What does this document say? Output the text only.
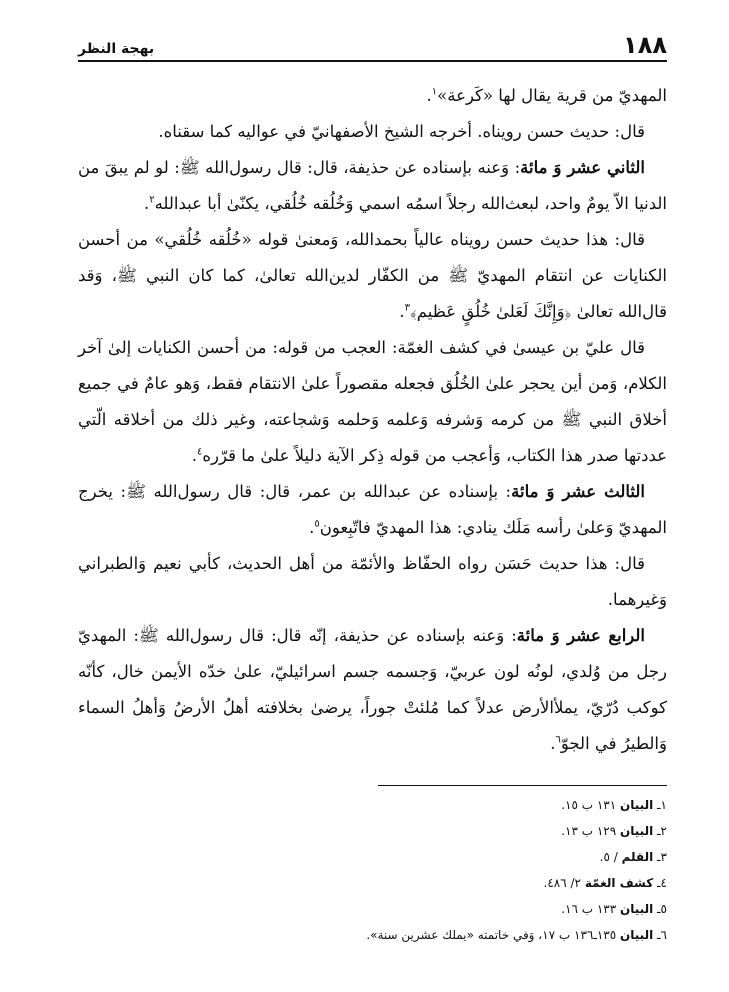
١٨٨
بهجة النظر

المهديّ من قرية يقال لها «كَرعة»$^١$.

قال: حديث حسن رويناه. أخرجه الشيخ الأصفهانيّ في عواليه كما سقناه.

الثاني عشر وَ مائة: وَعنه بإسناده عن حذيفة، قال: قال رسول‌الله ﷺ: لو لم يبقَ من الدنيا الاّ يومٌ واحد، لبعث‌الله رجلاً اسمُه اسمي وَخُلُقه خُلُقي، يكنّىٰ أبا عبدالله$^٢$.

قال: هذا حديث حسن رويناه عالياً بحمدالله، وَمعنىٰ قوله «خُلُقه خُلُقي» من أحسن الكنايات عن انتقام المهديّ ﷺ من الكفّار لدين‌الله تعالىٰ، كما كان النبي ﷺ، وَقد قال‌الله تعالىٰ ﴿وَإِنَّكَ لَعَلىٰ خُلُقٍ عَظيم﴾$^٣$.

قال عليّ بن عيسىٰ في كشف الغمّة: العجب من قوله: من أحسن الكنايات إلىٰ آخر الكلام، وَمن أين يحجر علىٰ الخُلُق فجعله مقصوراً علىٰ الانتقام فقط، وَهو عامٌ في جميع أخلاق النبي ﷺ من كرمه وَشرفه وَعلمه وَحلمه وَشجاعته، وغير ذلك من أخلاقه الّتي عددتها صدر هذا الكتاب، وَأعجب من قوله ذِكر الآية دليلاً علىٰ ما قرّره$^٤$.

الثالث عشر وَ مائة: بإسناده عن عبدالله بن عمر، قال: قال رسول‌الله ﷺ: يخرج المهديّ وَعلىٰ رأسه مَلَك ينادي: هذا المهديّ فاتّبِعون$^٥$.

قال: هذا حديث حَسَن رواه الحفّاظ والأئمّة من أهل الحديث، كأبي نعيم وَالطبراني وَغيرهما.

الرابع عشر وَ مائة: وَعنه بإسناده عن حذيفة، إنّه قال: قال رسول‌الله ﷺ: المهديّ رجل من وُلدي، لونُه لون عربيّ، وَجسمه جسم اسرائيليّ، علىٰ خدّه الأيمن خال، كأنّه كوكب دُرّيّ، يملأالأرض عدلاً كما مُلئتْ جوراً، يرضىٰ بخلافته أهلُ الأرضُ وَأهلُ السماء وَالطيرُ في الجوّ$^٦$.

١ـ البيان ١٣١ ب ١٥.

٢ـ البيان ١٢٩ ب ١٣.

٣ـ القلم / ٥.

٤ـ كشف الغمّة ٢/ ٤٨٦.

٥ـ البيان ١٣٣ ب ١٦.

٦ـ البيان ١٣٥ـ١٣٦ ب ١٧، وَفي خاتمته «يملك عشرين سنة».
